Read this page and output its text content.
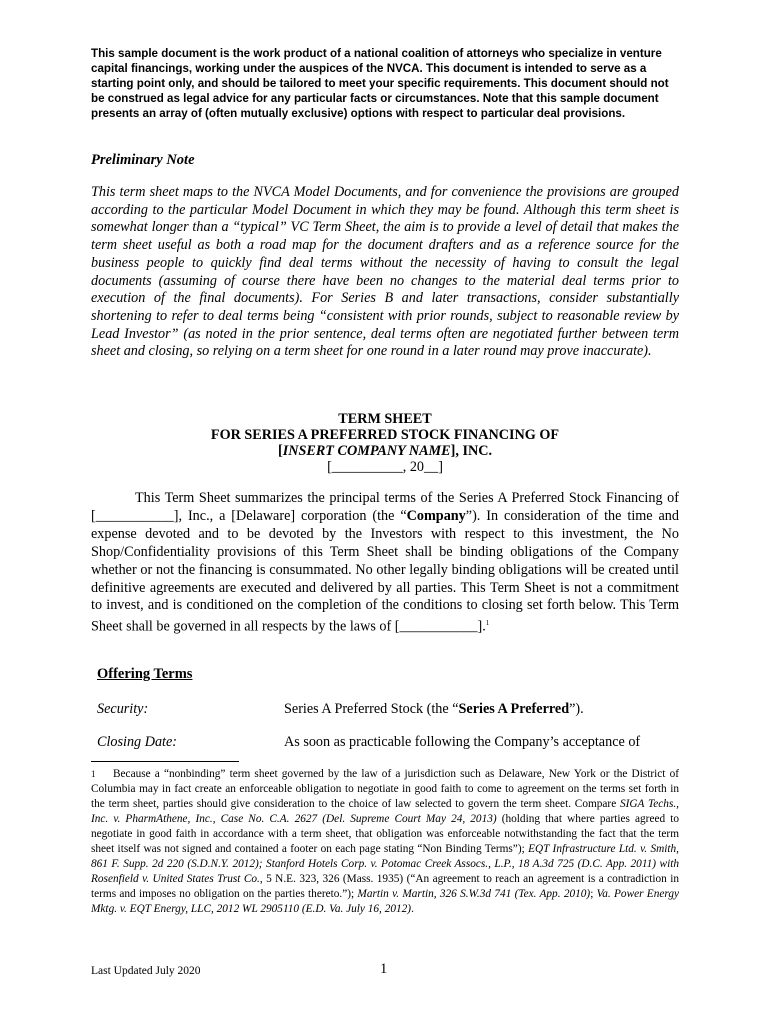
This sample document is the work product of a national coalition of attorneys who specialize in venture capital financings, working under the auspices of the NVCA. This document is intended to serve as a starting point only, and should be tailored to meet your specific requirements. This document should not be construed as legal advice for any particular facts or circumstances. Note that this sample document presents an array of (often mutually exclusive) options with respect to particular deal provisions.

Preliminary Note

This term sheet maps to the NVCA Model Documents, and for convenience the provisions are grouped according to the particular Model Document in which they may be found. Although this term sheet is somewhat longer than a “typical” VC Term Sheet, the aim is to provide a level of detail that makes the term sheet useful as both a road map for the document drafters and as a reference source for the business people to quickly find deal terms without the necessity of having to consult the legal documents (assuming of course there have been no changes to the material deal terms prior to execution of the final documents). For Series B and later transactions, consider substantially shortening to refer to deal terms being “consistent with prior rounds, subject to reasonable review by Lead Investor” (as noted in the prior sentence, deal terms often are negotiated further between term sheet and closing, so relying on a term sheet for one round in a later round may prove inaccurate).

TERM SHEET
FOR SERIES A PREFERRED STOCK FINANCING OF
[INSERT COMPANY NAME], INC.
[__________, 20__]

This Term Sheet summarizes the principal terms of the Series A Preferred Stock Financing of [___________], Inc., a [Delaware] corporation (the “Company”). In consideration of the time and expense devoted and to be devoted by the Investors with respect to this investment, the No Shop/Confidentiality provisions of this Term Sheet shall be binding obligations of the Company whether or not the financing is consummated. No other legally binding obligations will be created until definitive agreements are executed and delivered by all parties. This Term Sheet is not a commitment to invest, and is conditioned on the completion of the conditions to closing set forth below. This Term Sheet shall be governed in all respects by the laws of [___________].$^1$

Offering Terms

Security:	Series A Preferred Stock (the “Series A Preferred”).
Closing Date:	As soon as practicable following the Company’s acceptance of

1 Because a “nonbinding” term sheet governed by the law of a jurisdiction such as Delaware, New York or the District of Columbia may in fact create an enforceable obligation to negotiate in good faith to come to agreement on the terms set forth in the term sheet, parties should give consideration to the choice of law selected to govern the term sheet. Compare SIGA Techs., Inc. v. PharmAthene, Inc., Case No. C.A. 2627 (Del. Supreme Court May 24, 2013) (holding that where parties agreed to negotiate in good faith in accordance with a term sheet, that obligation was enforceable notwithstanding the fact that the term sheet itself was not signed and contained a footer on each page stating “Non Binding Terms”); EQT Infrastructure Ltd. v. Smith, 861 F. Supp. 2d 220 (S.D.N.Y. 2012); Stanford Hotels Corp. v. Potomac Creek Assocs., L.P., 18 A.3d 725 (D.C. App. 2011) with Rosenfield v. United States Trust Co., 5 N.E. 323, 326 (Mass. 1935) (“An agreement to reach an agreement is a contradiction in terms and imposes no obligation on the parties thereto.”); Martin v. Martin, 326 S.W.3d 741 (Tex. App. 2010); Va. Power Energy Mktg. v. EQT Energy, LLC, 2012 WL 2905110 (E.D. Va. July 16, 2012).

Last Updated July 2020	1
